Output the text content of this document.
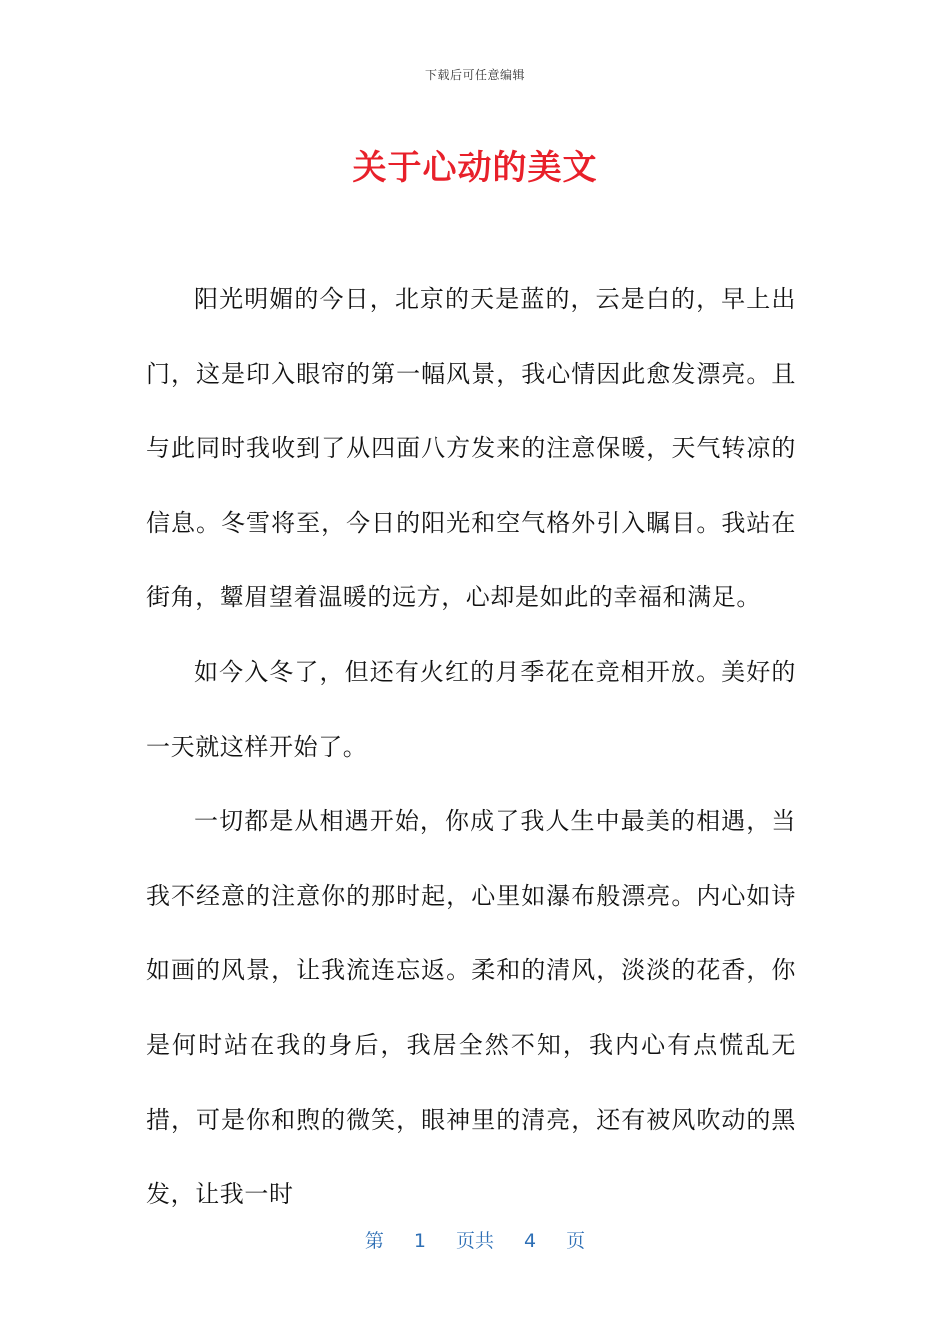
下载后可任意编辑
关于心动的美文

阳光明媚的今日，北京的天是蓝的，云是白的，早上出门，这是印入眼帘的第一幅风景，我心情因此愈发漂亮。且与此同时我收到了从四面八方发来的注意保暖，天气转凉的信息。冬雪将至，今日的阳光和空气格外引入瞩目。我站在街角，颦眉望着温暖的远方，心却是如此的幸福和满足。

如今入冬了，但还有火红的月季花在竞相开放。美好的一天就这样开始了。

一切都是从相遇开始，你成了我人生中最美的相遇，当我不经意的注意你的那时起，心里如瀑布般漂亮。内心如诗如画的风景，让我流连忘返。柔和的清风，淡淡的花香，你是何时站在我的身后，我居全然不知，我内心有点慌乱无措，可是你和煦的微笑，眼神里的清亮，还有被风吹动的黑发，让我一时

第 1 页共 4 页
